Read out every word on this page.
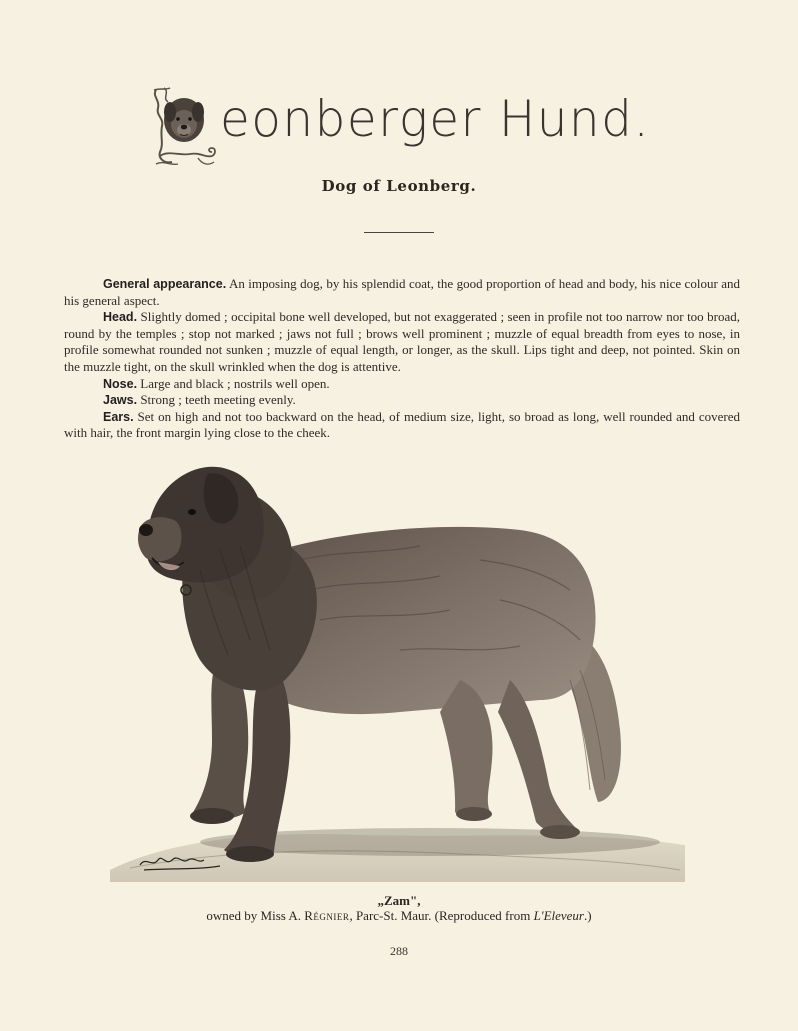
eonberger Hund.
Dog of Leonberg.

General appearance. An imposing dog, by his splendid coat, the good proportion of head and body, his nice colour and his general aspect.

Head. Slightly domed ; occipital bone well developed, but not exaggerated ; seen in profile not too narrow nor too broad, round by the temples ; stop not marked ; jaws not full ; brows well prominent ; muzzle of equal breadth from eyes to nose, in profile somewhat rounded not sunken ; muzzle of equal length, or longer, as the skull. Lips tight and deep, not pointed. Skin on the muzzle tight, on the skull wrinkled when the dog is attentive.

Nose. Large and black ; nostrils well open.

Jaws. Strong ; teeth meeting evenly.

Ears. Set on high and not too backward on the head, of medium size, light, so broad as long, well rounded and covered with hair, the front margin lying close to the cheek.

„Zam",
owned by Miss A. Régnier, Parc-St. Maur. (Reproduced from L'Eleveur.)
288
